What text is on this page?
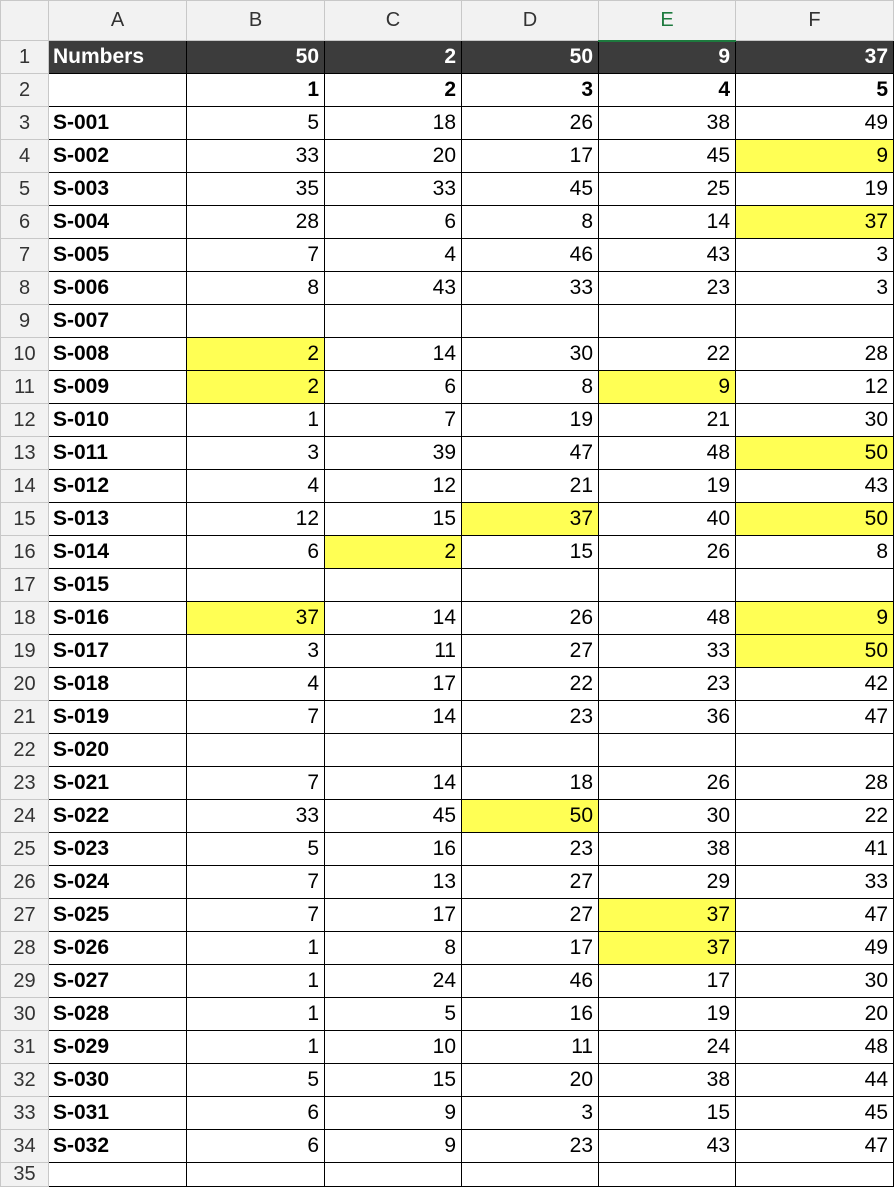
	A	B	C	D	E	F
1	Numbers	50	2	50	9	37
2		1	2	3	4	5
3	S-001	5	18	26	38	49
4	S-002	33	20	17	45	9
5	S-003	35	33	45	25	19
6	S-004	28	6	8	14	37
7	S-005	7	4	46	43	3
8	S-006	8	43	33	23	3
9	S-007					
10	S-008	2	14	30	22	28
11	S-009	2	6	8	9	12
12	S-010	1	7	19	21	30
13	S-011	3	39	47	48	50
14	S-012	4	12	21	19	43
15	S-013	12	15	37	40	50
16	S-014	6	2	15	26	8
17	S-015					
18	S-016	37	14	26	48	9
19	S-017	3	11	27	33	50
20	S-018	4	17	22	23	42
21	S-019	7	14	23	36	47
22	S-020					
23	S-021	7	14	18	26	28
24	S-022	33	45	50	30	22
25	S-023	5	16	23	38	41
26	S-024	7	13	27	29	33
27	S-025	7	17	27	37	47
28	S-026	1	8	17	37	49
29	S-027	1	24	46	17	30
30	S-028	1	5	16	19	20
31	S-029	1	10	11	24	48
32	S-030	5	15	20	38	44
33	S-031	6	9	3	15	45
34	S-032	6	9	23	43	47
35						
